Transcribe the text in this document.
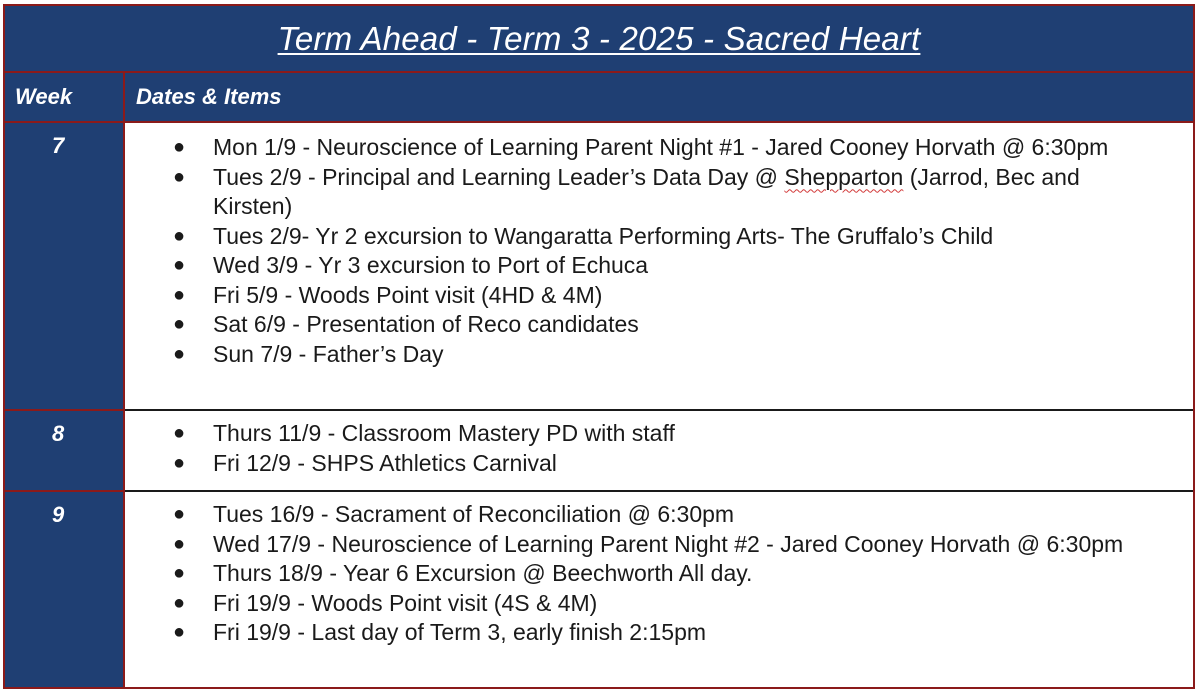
Term Ahead - Term 3 - 2025 - Sacred Heart
Week	Dates & Items
7	● Mon 1/9 - Neuroscience of Learning Parent Night #1 - Jared Cooney Horvath @ 6:30pm
● Tues 2/9 - Principal and Learning Leader’s Data Day @ Shepparton (Jarrod, Bec and Kirsten)
● Tues 2/9- Yr 2 excursion to Wangaratta Performing Arts- The Gruffalo’s Child
● Wed 3/9 - Yr 3 excursion to Port of Echuca
● Fri 5/9 - Woods Point visit (4HD & 4M)
● Sat 6/9 - Presentation of Reco candidates
● Sun 7/9 - Father’s Day
8	● Thurs 11/9 - Classroom Mastery PD with staff
● Fri 12/9 - SHPS Athletics Carnival
9	● Tues 16/9 - Sacrament of Reconciliation @ 6:30pm
● Wed 17/9 - Neuroscience of Learning Parent Night #2 - Jared Cooney Horvath @ 6:30pm
● Thurs 18/9 - Year 6 Excursion @ Beechworth All day.
● Fri 19/9 - Woods Point visit (4S & 4M)
● Fri 19/9 - Last day of Term 3, early finish 2:15pm
